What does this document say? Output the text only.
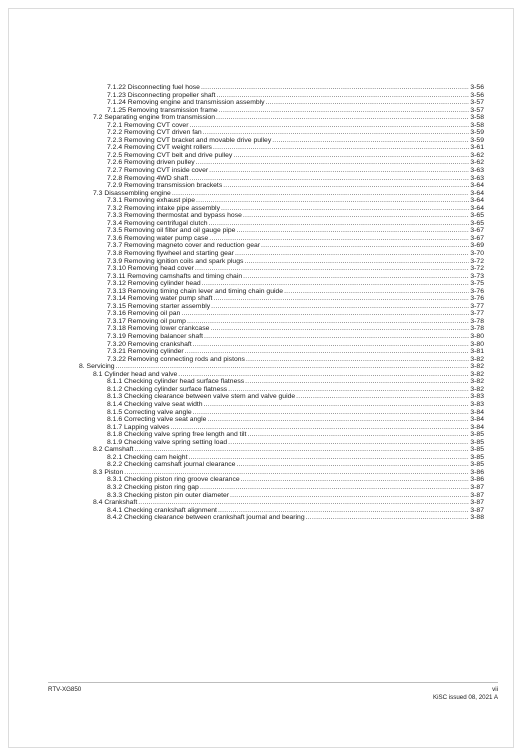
7.1.22 Disconnecting fuel hose .....	3-56
7.1.23 Disconnecting propeller shaft .....	3-56
7.1.24 Removing engine and transmission assembly .....	3-57
7.1.25 Removing transmission frame .....	3-57
7.2 Separating engine from transmission .....	3-58
7.2.1 Removing CVT cover .....	3-58
7.2.2 Removing CVT driven fan .....	3-59
7.2.3 Removing CVT bracket and movable drive pulley .....	3-59
7.2.4 Removing CVT weight rollers .....	3-61
7.2.5 Removing CVT belt and drive pulley .....	3-62
7.2.6 Removing driven pulley .....	3-62
7.2.7 Removing CVT inside cover .....	3-63
7.2.8 Removing 4WD shaft .....	3-63
7.2.9 Removing transmission brackets .....	3-64
7.3 Disassembling engine .....	3-64
7.3.1 Removing exhaust pipe .....	3-64
7.3.2 Removing intake pipe assembly .....	3-64
7.3.3 Removing thermostat and bypass hose .....	3-65
7.3.4 Removing centrifugal clutch .....	3-65
7.3.5 Removing oil filter and oil gauge pipe .....	3-67
7.3.6 Removing water pump case .....	3-67
7.3.7 Removing magneto cover and reduction gear .....	3-69
7.3.8 Removing flywheel and starting gear .....	3-70
7.3.9 Removing ignition coils and spark plugs .....	3-72
7.3.10 Removing head cover .....	3-72
7.3.11 Removing camshafts and timing chain .....	3-73
7.3.12 Removing cylinder head .....	3-75
7.3.13 Removing timing chain lever and timing chain guide .....	3-76
7.3.14 Removing water pump shaft .....	3-76
7.3.15 Removing starter assembly .....	3-77
7.3.16 Removing oil pan .....	3-77
7.3.17 Removing oil pump .....	3-78
7.3.18 Removing lower crankcase .....	3-78
7.3.19 Removing balancer shaft .....	3-80
7.3.20 Removing crankshaft .....	3-80
7.3.21 Removing cylinder .....	3-81
7.3.22 Removing connecting rods and pistons .....	3-82
8. Servicing .....	3-82
8.1 Cylinder head and valve .....	3-82
8.1.1 Checking cylinder head surface flatness .....	3-82
8.1.2 Checking cylinder surface flatness .....	3-82
8.1.3 Checking clearance between valve stem and valve guide .....	3-83
8.1.4 Checking valve seat width .....	3-83
8.1.5 Correcting valve angle .....	3-84
8.1.6 Correcting valve seat angle .....	3-84
8.1.7 Lapping valves .....	3-84
8.1.8 Checking valve spring free length and tilt .....	3-85
8.1.9 Checking valve spring setting load .....	3-85
8.2 Camshaft .....	3-85
8.2.1 Checking cam height .....	3-85
8.2.2 Checking camshaft journal clearance .....	3-85
8.3 Piston .....	3-86
8.3.1 Checking piston ring groove clearance .....	3-86
8.3.2 Checking piston ring gap .....	3-87
8.3.3 Checking piston pin outer diameter .....	3-87
8.4 Crankshaft .....	3-87
8.4.1 Checking crankshaft alignment .....	3-87
8.4.2 Checking clearance between crankshaft journal and bearing .....	3-88
RTV-XG850	vii
KiSC issued 08, 2021 A
